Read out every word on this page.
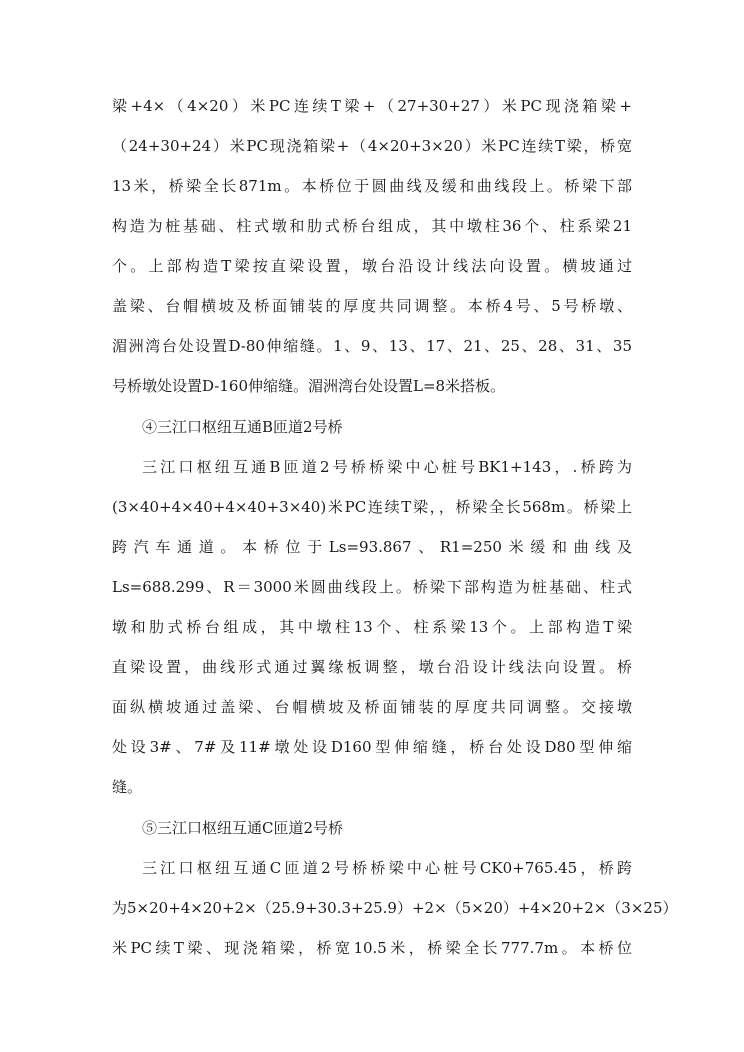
梁+4×（4×20）米PC连续T梁+（27+30+27）米PC现浇箱梁+
（24+30+24）米PC现浇箱梁+（4×20+3×20）米PC连续T梁，桥宽
13米，桥梁全长871m。本桥位于圆曲线及缓和曲线段上。桥梁下部
构造为桩基础、柱式墩和肋式桥台组成，其中墩柱36个、柱系梁21
个。上部构造T梁按直梁设置，墩台沿设计线法向设置。横坡通过
盖梁、台帽横坡及桥面铺装的厚度共同调整。本桥4号、5号桥墩、
湄洲湾台处设置D-80伸缩缝。1、9、13、17、21、25、28、31、35
号桥墩处设置D-160伸缩缝。湄洲湾台处设置L=8米搭板。
④三江口枢纽互通B匝道2号桥
三江口枢纽互通B匝道2号桥桥梁中心桩号BK1+143，.桥跨为
(3×40+4×40+4×40+3×40)米PC连续T梁，，桥梁全长568m。桥梁上
跨汽车通道。本桥位于Ls=93.867、R1=250米缓和曲线及
Ls=688.299、R＝3000米圆曲线段上。桥梁下部构造为桩基础、柱式
墩和肋式桥台组成，其中墩柱13个、柱系梁13个。上部构造T梁
直梁设置，曲线形式通过翼缘板调整，墩台沿设计线法向设置。桥
面纵横坡通过盖梁、台帽横坡及桥面铺装的厚度共同调整。交接墩
处设3#、7#及11#墩处设D160型伸缩缝，桥台处设D80型伸缩
缝。
⑤三江口枢纽互通C匝道2号桥
三江口枢纽互通C匝道2号桥桥梁中心桩号CK0+765.45，桥跨
为5×20+4×20+2×（25.9+30.3+25.9）+2×（5×20）+4×20+2×（3×25）
米PC续T梁、现浇箱梁，桥宽10.5米，桥梁全长777.7m。本桥位
